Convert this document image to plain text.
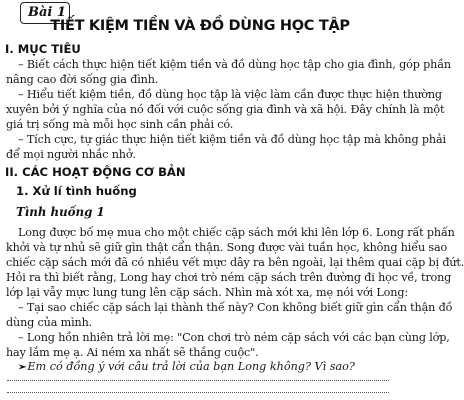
Bài 1
TIẾT KIỆM TIỀN VÀ ĐỒ DÙNG HỌC TẬP
I. MỤC TIÊU
– Biết cách thực hiện tiết kiệm tiền và đồ dùng học tập cho gia đình, góp phần
nâng cao đời sống gia đình.
– Hiểu tiết kiệm tiền, đồ dùng học tập là việc làm cần được thực hiện thường
xuyên bởi ý nghĩa của nó đối với cuộc sống gia đình và xã hội. Đây chính là một
giá trị sống mà mỗi học sinh cần phải có.
– Tích cực, tự giác thực hiện tiết kiệm tiền và đồ dùng học tập mà không phải
để mọi người nhắc nhở.
II. CÁC HOẠT ĐỘNG CƠ BẢN
1. Xử lí tình huống
Tình huống 1
Long được bố mẹ mua cho một chiếc cặp sách mới khi lên lớp 6. Long rất phấn
khởi và tự nhủ sẽ giữ gìn thật cẩn thận. Song được vài tuần học, không hiểu sao
chiếc cặp sách mới đã có nhiều vết mực dây ra bên ngoài, lại thêm quai cặp bị đứt.
Hỏi ra thì biết rằng, Long hay chơi trò ném cặp sách trên đường đi học về, trong
lớp lại vẫy mực lung tung lên cặp sách. Nhìn mà xót xa, mẹ nói với Long:
– Tại sao chiếc cặp sách lại thành thế này? Con không biết giữ gìn cẩn thận đồ
dùng của mình.
– Long hồn nhiên trả lời mẹ: "Con chơi trò ném cặp sách với các bạn cùng lớp,
hay lắm mẹ ạ. Ai ném xa nhất sẽ thắng cuộc".
➢Em có đồng ý với câu trả lời của bạn Long không? Vì sao?
